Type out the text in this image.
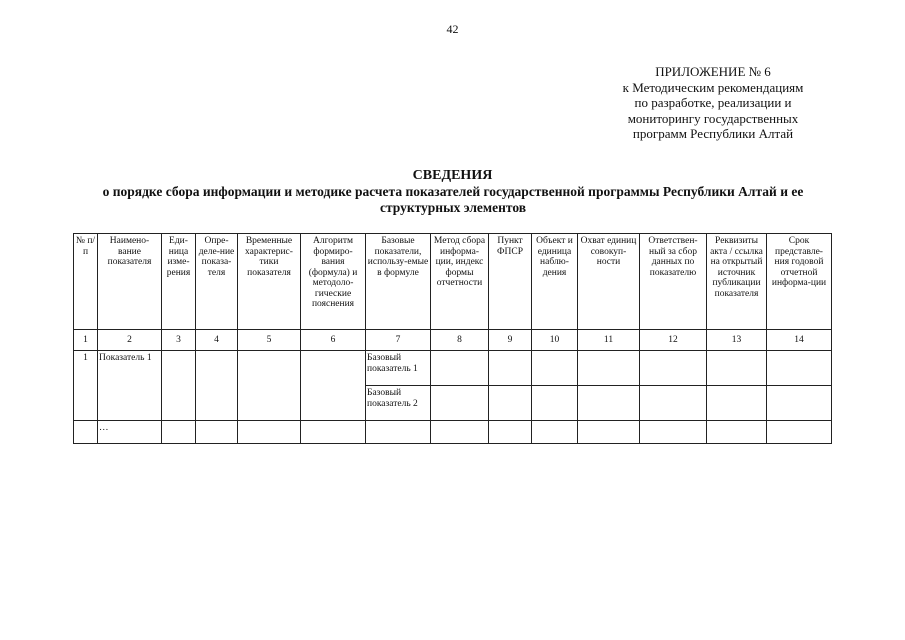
42
ПРИЛОЖЕНИЕ № 6
к Методическим рекомендациям
по разработке, реализации и
мониторингу государственных
программ Республики Алтай
СВЕДЕНИЯ
о порядке сбора информации и методике расчета показателей государственной программы Республики Алтай и ее структурных элементов
№ п/п	Наимено-вание показателя	Еди-ница изме-рения	Опре-деле-ние показа-теля	Временные характерис-тики показателя	Алгоритм формиро-вания (формула) и методоло-гические пояснения	Базовые показатели, использу-емые в формуле	Метод сбора информа-ции, индекс формы отчетности	Пункт ФПСР	Объект и единица наблю-дения	Охват единиц совокуп-ности	Ответствен-ный за сбор данных по показателю	Реквизиты акта / ссылка на открытый источник публикации показателя	Срок представле-ния годовой отчетной информа-ции
1	2	3	4	5	6	7	8	9	10	11	12	13	14
1	Показатель 1					Базовый показатель 1							
						Базовый показатель 2							
	…												
